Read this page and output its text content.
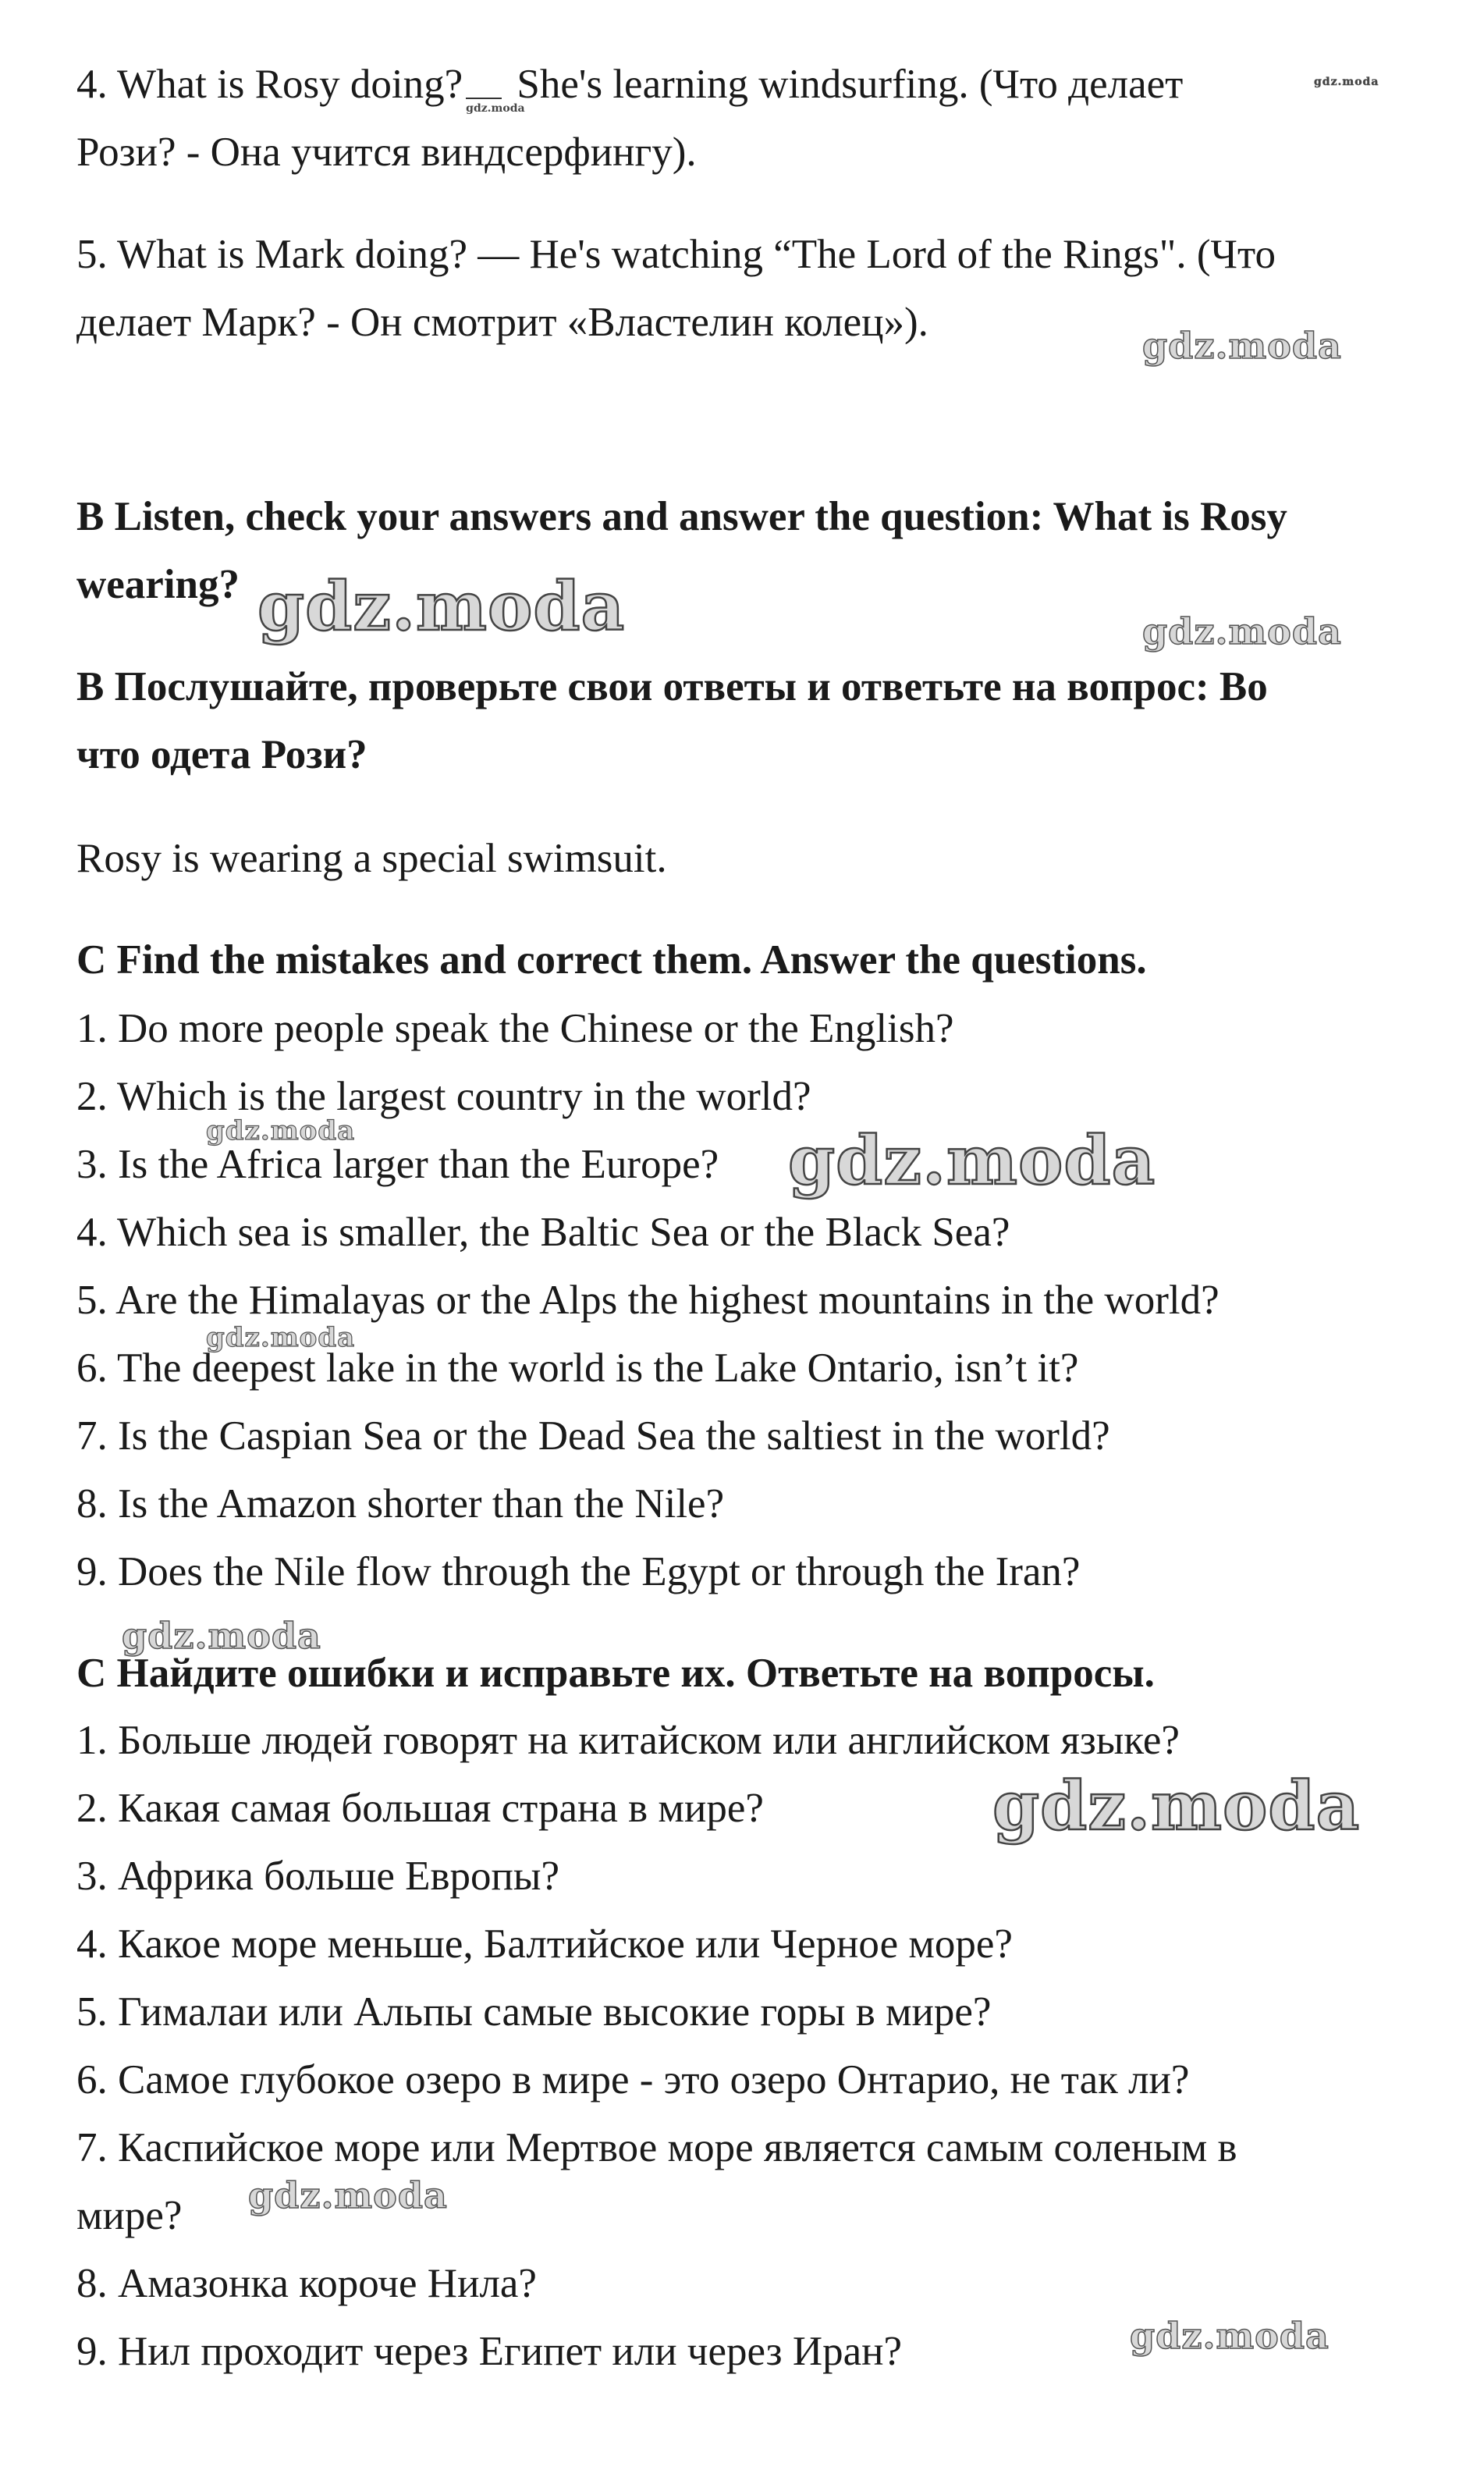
4. What is Rosy doing?
gdz.moda
She's learning windsurfing. (Что делает

Рози? - Она учится виндсерфингу).

5. What is Mark doing? — He's watching “The Lord of the Rings". (Что

делает Марк? - Он смотрит «Властелин колец»).

B Listen, check your answers and answer the question: What is Rosy

wearing?

В Послушайте, проверьте свои ответы и ответьте на вопрос: Во

что одета Рози?

Rosy is wearing a special swimsuit.

C Find the mistakes and correct them. Answer the questions.

1. Do more people speak the Chinese or the English?

2. Which is the largest country in the world?

3. Is the Africa larger than the Europe?

4. Which sea is smaller, the Baltic Sea or the Black Sea?

5. Are the Himalayas or the Alps the highest mountains in the world?

6. The deepest lake in the world is the Lake Ontario, isn’t it?

7. Is the Caspian Sea or the Dead Sea the saltiest in the world?

8. Is the Amazon shorter than the Nile?

9. Does the Nile flow through the Egypt or through the Iran?

С Найдите ошибки и исправьте их. Ответьте на вопросы.

1. Больше людей говорят на китайском или английском языке?

2. Какая самая большая страна в мире?

3. Африка больше Европы?

4. Какое море меньше, Балтийское или Черное море?

5. Гималаи или Альпы самые высокие горы в мире?

6. Самое глубокое озеро в мире - это озеро Онтарио, не так ли?

7. Каспийское море или Мертвое море является самым соленым в

мире?

8. Амазонка короче Нила?

9. Нил проходит через Египет или через Иран?

gdz.moda
gdz.moda
gdz.moda	gdz.moda
gdz.moda	gdz.moda
gdz.moda
gdz.moda
gdz.moda
gdz.moda
gdz.moda
